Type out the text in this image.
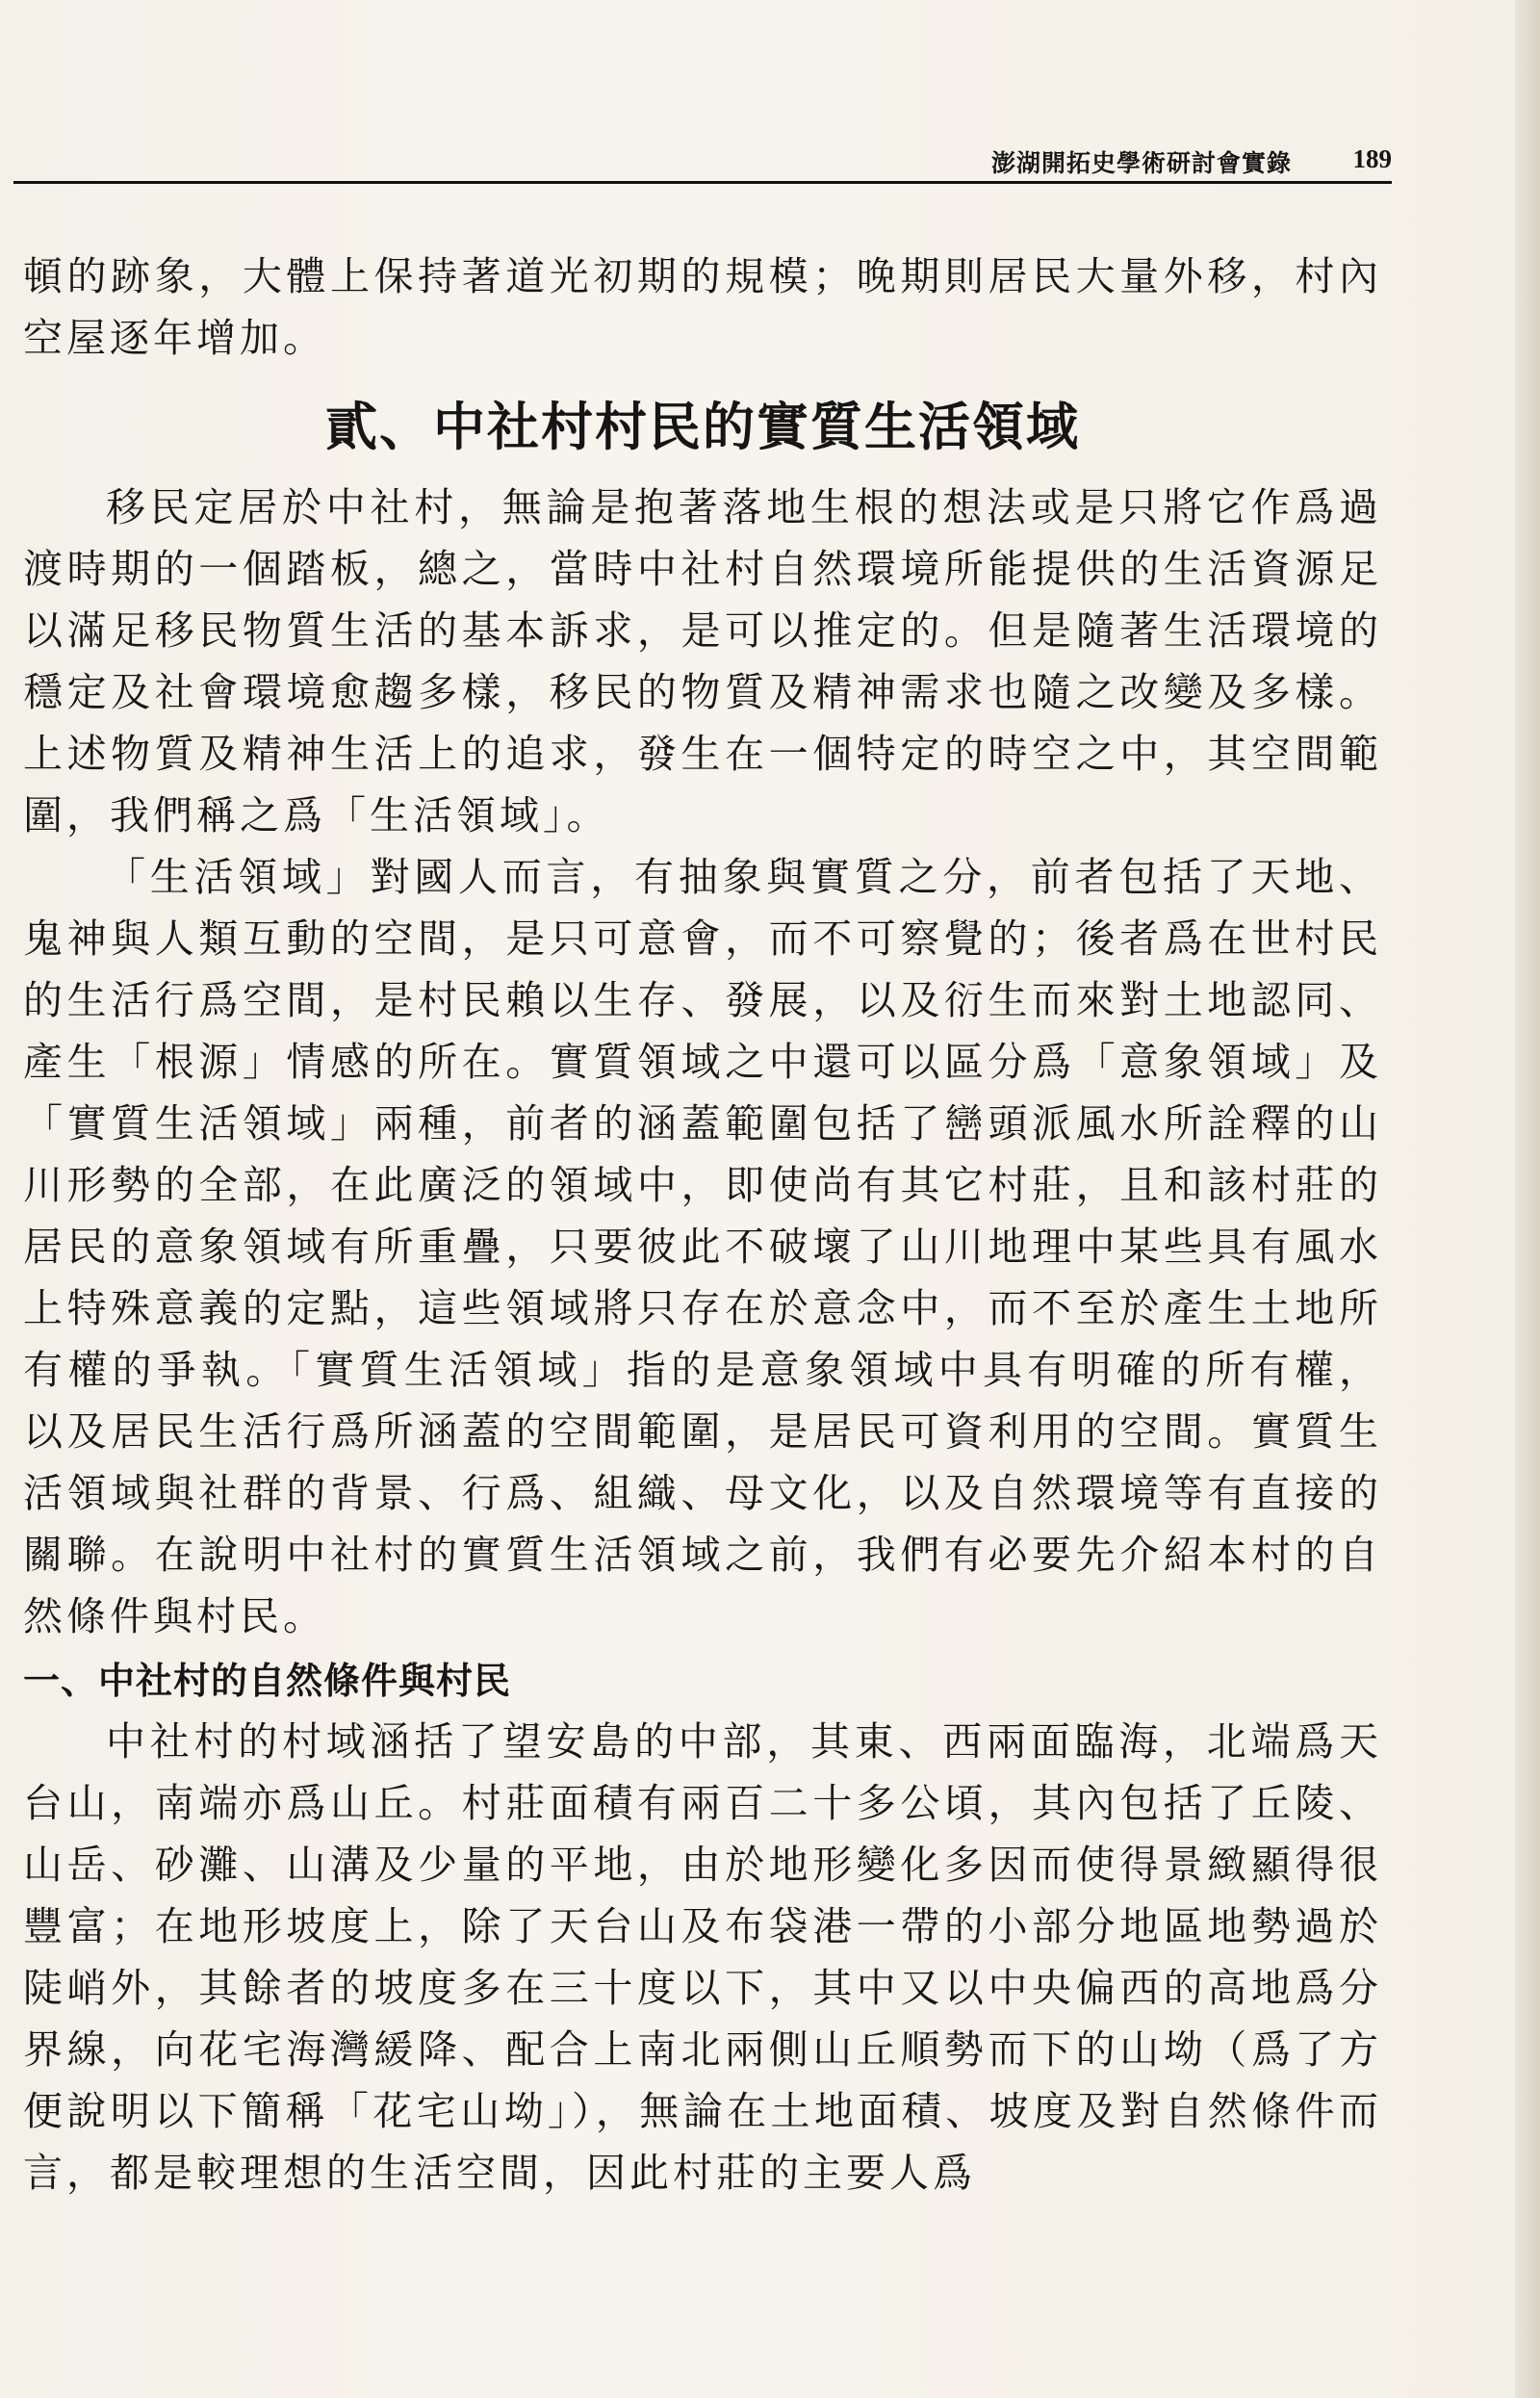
澎湖開拓史學術研討會實錄 189

頓的跡象，大體上保持著道光初期的規模；晚期則居民大量外移，村內空屋逐年增加。

貳、中社村村民的實質生活領域

移民定居於中社村，無論是抱著落地生根的想法或是只將它作爲過渡時期的一個踏板，總之，當時中社村自然環境所能提供的生活資源足以滿足移民物質生活的基本訴求，是可以推定的。但是隨著生活環境的穩定及社會環境愈趨多樣，移民的物質及精神需求也隨之改變及多樣。上述物質及精神生活上的追求，發生在一個特定的時空之中，其空間範圍，我們稱之爲「生活領域」。

「生活領域」對國人而言，有抽象與實質之分，前者包括了天地、鬼神與人類互動的空間，是只可意會，而不可察覺的；後者爲在世村民的生活行爲空間，是村民賴以生存、發展，以及衍生而來對土地認同、產生「根源」情感的所在。實質領域之中還可以區分爲「意象領域」及「實質生活領域」兩種，前者的涵蓋範圍包括了巒頭派風水所詮釋的山川形勢的全部，在此廣泛的領域中，即使尚有其它村莊，且和該村莊的居民的意象領域有所重疊，只要彼此不破壞了山川地理中某些具有風水上特殊意義的定點，這些領域將只存在於意念中，而不至於產生土地所有權的爭執。「實質生活領域」指的是意象領域中具有明確的所有權，以及居民生活行爲所涵蓋的空間範圍，是居民可資利用的空間。實質生活領域與社群的背景、行爲、組織、母文化，以及自然環境等有直接的關聯。在說明中社村的實質生活領域之前，我們有必要先介紹本村的自然條件與村民。

一、中社村的自然條件與村民

中社村的村域涵括了望安島的中部，其東、西兩面臨海，北端爲天台山，南端亦爲山丘。村莊面積有兩百二十多公頃，其內包括了丘陵、山岳、砂灘、山溝及少量的平地，由於地形變化多因而使得景緻顯得很豐富；在地形坡度上，除了天台山及布袋港一帶的小部分地區地勢過於陡峭外，其餘者的坡度多在三十度以下，其中又以中央偏西的高地爲分界線，向花宅海灣緩降、配合上南北兩側山丘順勢而下的山坳（爲了方便說明以下簡稱「花宅山坳」），無論在土地面積、坡度及對自然條件而言，都是較理想的生活空間，因此村莊的主要人爲
